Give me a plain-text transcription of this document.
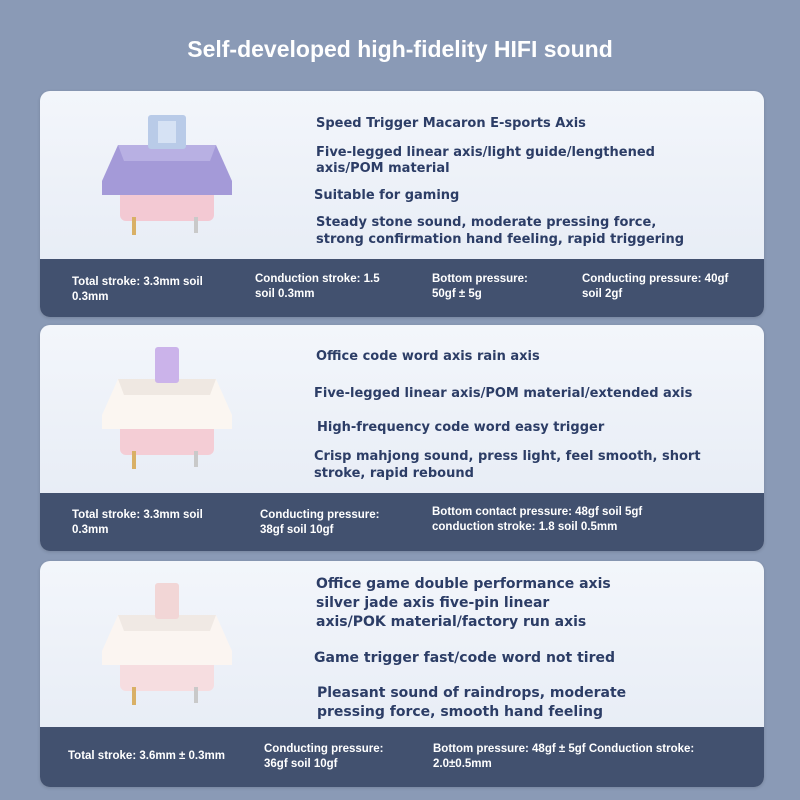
Self-developed high-fidelity HIFI sound
Speed Trigger Macaron E-sports Axis
Five-legged linear axis/light guide/lengthened
axis/POM material
Suitable for gaming
Steady stone sound, moderate pressing force,
strong confirmation hand feeling, rapid triggering
Total stroke: 3.3mm soil
0.3mm
Conduction stroke: 1.5
soil 0.3mm
Bottom pressure:
50gf ± 5g
Conducting pressure: 40gf
soil 2gf
Office code word axis rain axis
Five-legged linear axis/POM material/extended axis
High-frequency code word easy trigger
Crisp mahjong sound, press light, feel smooth, short
stroke, rapid rebound
Total stroke: 3.3mm soil
0.3mm
Conducting pressure:
38gf soil 10gf
Bottom contact pressure: 48gf soil 5gf
conduction stroke: 1.8 soil 0.5mm
Office game double performance axis
silver jade axis five-pin linear
axis/POK material/factory run axis
Game trigger fast/code word not tired
Pleasant sound of raindrops, moderate
pressing force, smooth hand feeling
Total stroke: 3.6mm ± 0.3mm
Conducting pressure:
36gf soil 10gf
Bottom pressure: 48gf ± 5gf Conduction stroke:
2.0±0.5mm
